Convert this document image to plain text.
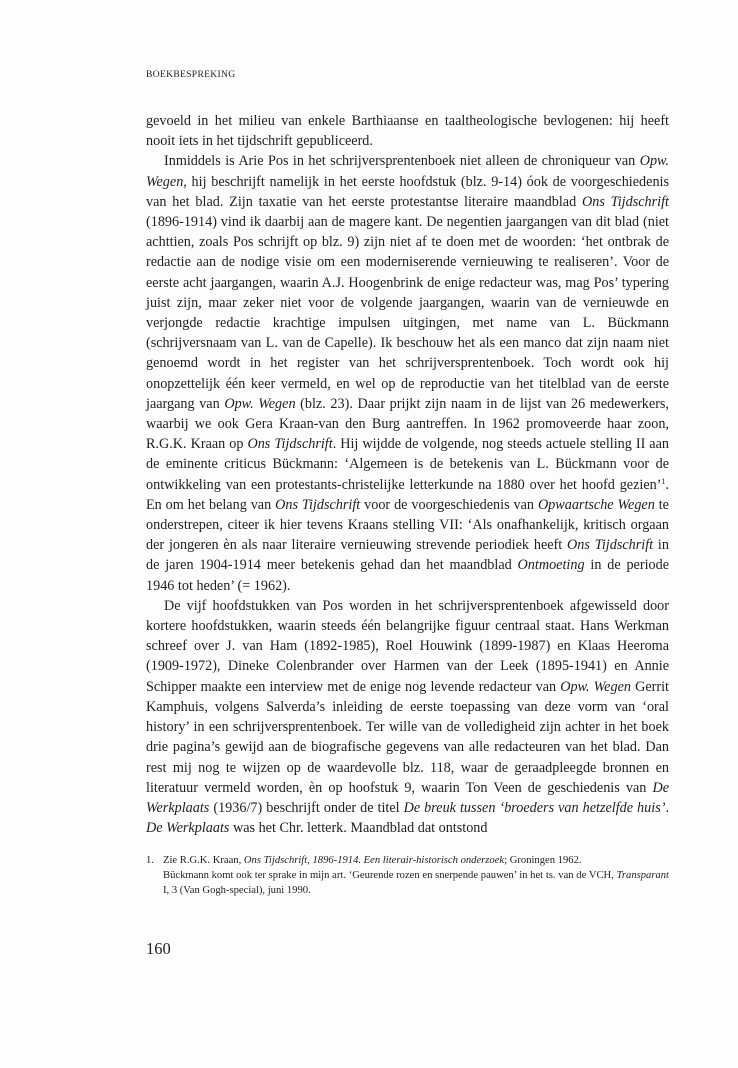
BOEKBESPREKING

gevoeld in het milieu van enkele Barthiaanse en taaltheologische bevlogenen: hij heeft nooit iets in het tijdschrift gepubliceerd.

Inmiddels is Arie Pos in het schrijversprentenboek niet alleen de chroniqueur van Opw. Wegen, hij beschrijft namelijk in het eerste hoofdstuk (blz. 9-14) óok de voorgeschiedenis van het blad. Zijn taxatie van het eerste protestantse literaire maandblad Ons Tijdschrift (1896-1914) vind ik daarbij aan de magere kant. De negentien jaargangen van dit blad (niet achttien, zoals Pos schrijft op blz. 9) zijn niet af te doen met de woorden: ‘het ontbrak de redactie aan de nodige visie om een moderniserende vernieuwing te realiseren’. Voor de eerste acht jaargangen, waarin A.J. Hoogenbrink de enige redacteur was, mag Pos’ typering juist zijn, maar zeker niet voor de volgende jaargangen, waarin van de vernieuwde en verjongde redactie krachtige impulsen uitgingen, met name van L. Bückmann (schrijversnaam van L. van de Capelle). Ik beschouw het als een manco dat zijn naam niet genoemd wordt in het register van het schrijversprentenboek. Toch wordt ook hij onopzettelijk één keer vermeld, en wel op de reproductie van het titelblad van de eerste jaargang van Opw. Wegen (blz. 23). Daar prijkt zijn naam in de lijst van 26 medewerkers, waarbij we ook Gera Kraan-van den Burg aantreffen. In 1962 promoveerde haar zoon, R.G.K. Kraan op Ons Tijdschrift. Hij wijdde de volgende, nog steeds actuele stelling II aan de eminente criticus Bückmann: ‘Algemeen is de betekenis van L. Bückmann voor de ontwikkeling van een protestants-christelijke letterkunde na 1880 over het hoofd gezien’$^1$. En om het belang van Ons Tijdschrift voor de voorgeschiedenis van Opwaartsche Wegen te onderstrepen, citeer ik hier tevens Kraans stelling VII: ‘Als onafhankelijk, kritisch orgaan der jongeren èn als naar literaire vernieuwing strevende periodiek heeft Ons Tijdschrift in de jaren 1904-1914 meer betekenis gehad dan het maandblad Ontmoeting in de periode 1946 tot heden’ (= 1962).

De vijf hoofdstukken van Pos worden in het schrijversprentenboek afgewisseld door kortere hoofdstukken, waarin steeds één belangrijke figuur centraal staat. Hans Werkman schreef over J. van Ham (1892-1985), Roel Houwink (1899-1987) en Klaas Heeroma (1909-1972), Dineke Colenbrander over Harmen van der Leek (1895-1941) en Annie Schipper maakte een interview met de enige nog levende redacteur van Opw. Wegen Gerrit Kamphuis, volgens Salverda’s inleiding de eerste toepassing van deze vorm van ‘oral history’ in een schrijversprentenboek. Ter wille van de volledigheid zijn achter in het boek drie pagina’s gewijd aan de biografische gegevens van alle redacteuren van het blad. Dan rest mij nog te wijzen op de waardevolle blz. 118, waar de geraadpleegde bronnen en literatuur vermeld worden, èn op hoofstuk 9, waarin Ton Veen de geschiedenis van De Werkplaats (1936/7) beschrijft onder de titel De breuk tussen ‘broeders van hetzelfde huis’. De Werkplaats was het Chr. letterk. Maandblad dat ontstond

1. Zie R.G.K. Kraan, Ons Tijdschrift, 1896-1914. Een literair-historisch onderzoek; Groningen 1962.

Bückmann komt ook ter sprake in mijn art. ‘Geurende rozen en snerpende pauwen’ in het ts. van de VCH, Transparant I, 3 (Van Gogh-special), juni 1990.

160
